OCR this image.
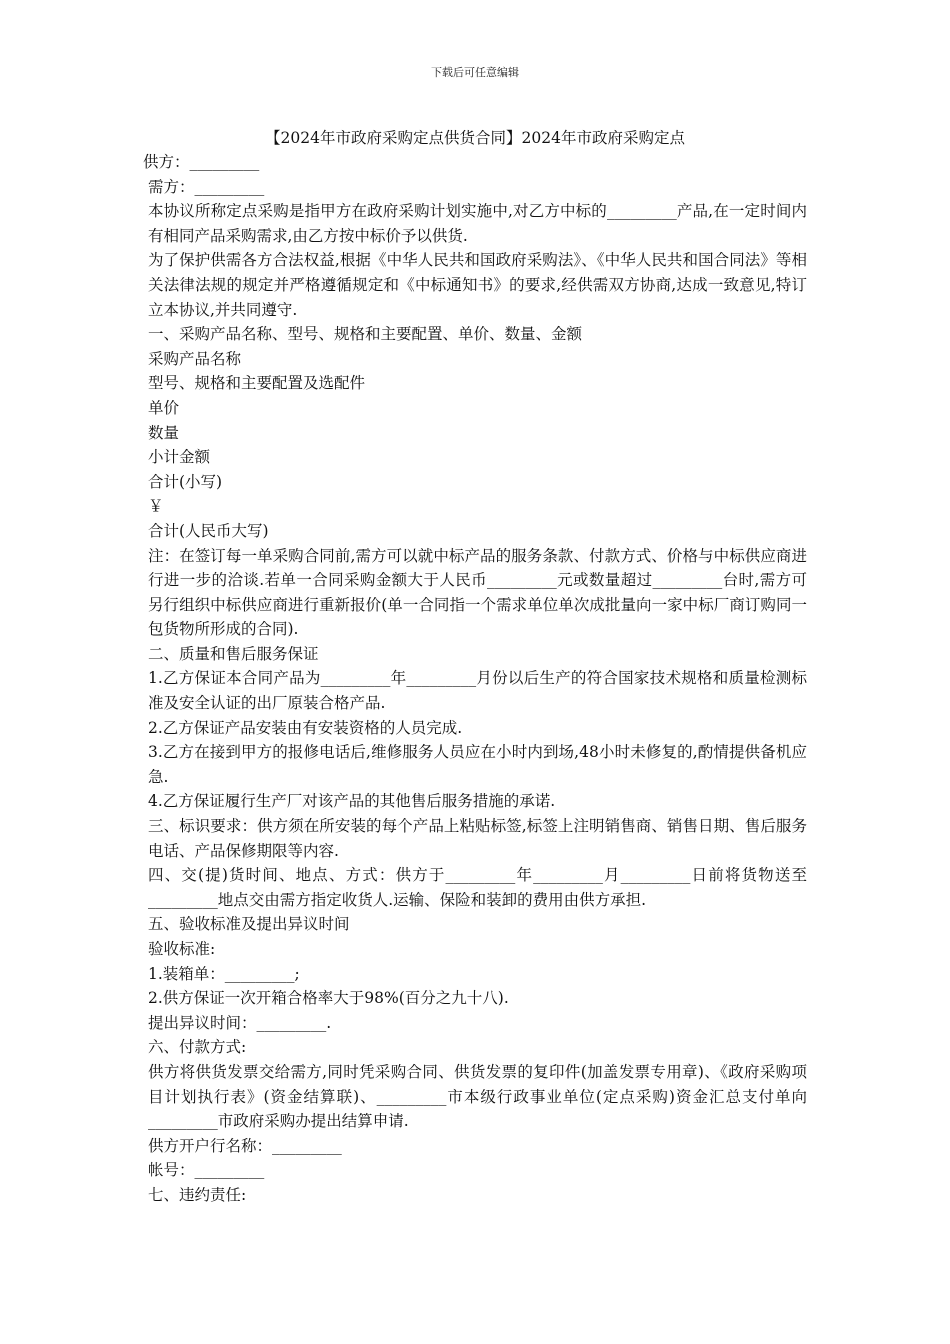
下载后可任意编辑
【2024年市政府采购定点供货合同】2024年市政府采购定点

供方：_________

需方：_________

本协议所称定点采购是指甲方在政府采购计划实施中,对乙方中标的_________产品,在一定时间内有相同产品采购需求,由乙方按中标价予以供货.

为了保护供需各方合法权益,根据《中华人民共和国政府采购法》、《中华人民共和国合同法》等相关法律法规的规定并严格遵循规定和《中标通知书》的要求,经供需双方协商,达成一致意见,特订立本协议,并共同遵守.

一、采购产品名称、型号、规格和主要配置、单价、数量、金额

采购产品名称

型号、规格和主要配置及选配件

单价

数量

小计金额

合计(小写)

￥

合计(人民币大写)

注：在签订每一单采购合同前,需方可以就中标产品的服务条款、付款方式、价格与中标供应商进行进一步的洽谈.若单一合同采购金额大于人民币_________元或数量超过_________台时,需方可另行组织中标供应商进行重新报价(单一合同指一个需求单位单次成批量向一家中标厂商订购同一包货物所形成的合同).

二、质量和售后服务保证

1.乙方保证本合同产品为_________年_________月份以后生产的符合国家技术规格和质量检测标准及安全认证的出厂原装合格产品.

2.乙方保证产品安装由有安装资格的人员完成.

3.乙方在接到甲方的报修电话后,维修服务人员应在小时内到场,48小时未修复的,酌情提供备机应急.

4.乙方保证履行生产厂对该产品的其他售后服务措施的承诺.

三、标识要求：供方须在所安装的每个产品上粘贴标签,标签上注明销售商、销售日期、售后服务电话、产品保修期限等内容.

四、交(提)货时间、地点、方式：供方于_________年_________月_________日前将货物送至_________地点交由需方指定收货人.运输、保险和装卸的费用由供方承担.

五、验收标准及提出异议时间

验收标准:

1.装箱单：_________;

2.供方保证一次开箱合格率大于98%(百分之九十八).

提出异议时间：_________.

六、付款方式:

供方将供货发票交给需方,同时凭采购合同、供货发票的复印件(加盖发票专用章)、《政府采购项目计划执行表》(资金结算联)、_________市本级行政事业单位(定点采购)资金汇总支付单向_________市政府采购办提出结算申请.

供方开户行名称：_________

帐号：_________

七、违约责任:
